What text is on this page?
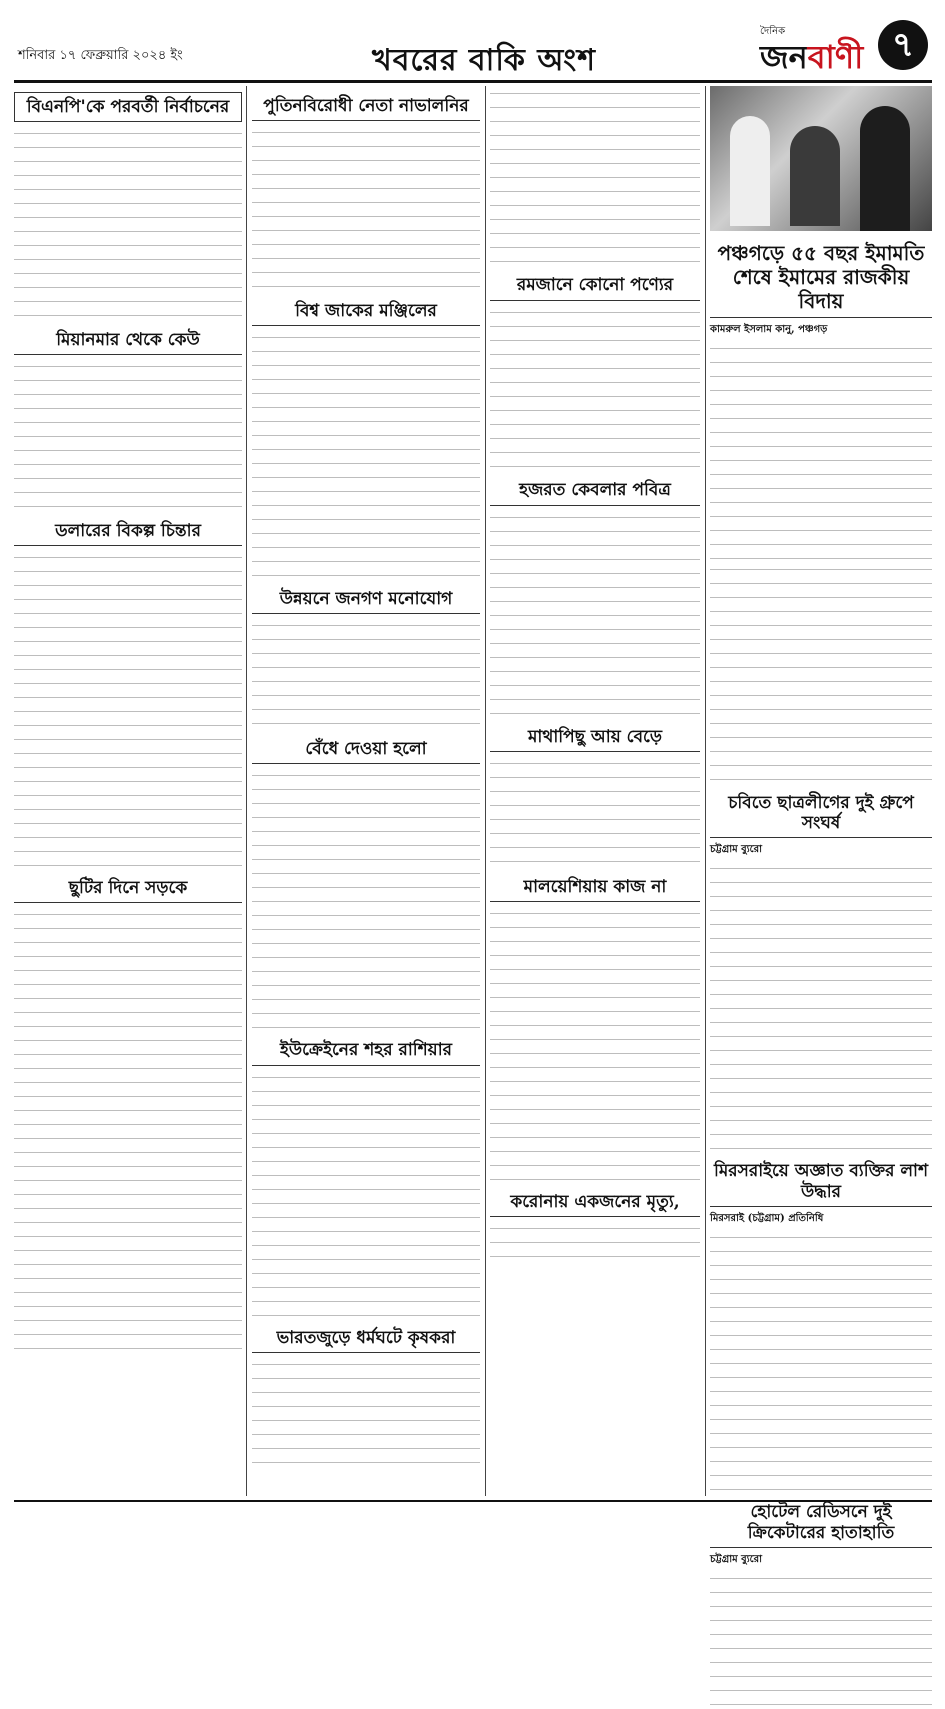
শনিবার ১৭ ফেব্রুয়ারি ২০২৪ ইং	খবরের বাকি অংশ
দৈনিক
জনবাণী ৭
বিএনপি'কে পরবর্তী নির্বাচনের
মিয়ানমার থেকে কেউ
ডলারের বিকল্প চিন্তার
ছুটির দিনে সড়কে
পুতিনবিরোধী নেতা নাভালনির
বিশ্ব জাকের মঞ্জিলের
উন্নয়নে জনগণ মনোযোগ
বেঁধে দেওয়া হলো
ইউক্রেইনের শহর রাশিয়ার
ভারতজুড়ে ধর্মঘটে কৃষকরা
রমজানে কোনো পণ্যের
হজরত কেবলার পবিত্র
মাথাপিছু আয় বেড়ে
মালয়েশিয়ায় কাজ না
করোনায় একজনের মৃত্যু,
পঞ্চগড়ে ৫৫ বছর ইমামতি শেষে ইমামের রাজকীয় বিদায়
কামরুল ইসলাম কানু, পঞ্চগড়
চবিতে ছাত্রলীগের দুই গ্রুপে সংঘর্ষ
চট্টগ্রাম ব্যুরো
মিরসরাইয়ে অজ্ঞাত ব্যক্তির লাশ উদ্ধার
মিরসরাই (চট্টগ্রাম) প্রতিনিধি
হোটেল রেডিসনে দুই ক্রিকেটারের হাতাহাতি
চট্টগ্রাম ব্যুরো
